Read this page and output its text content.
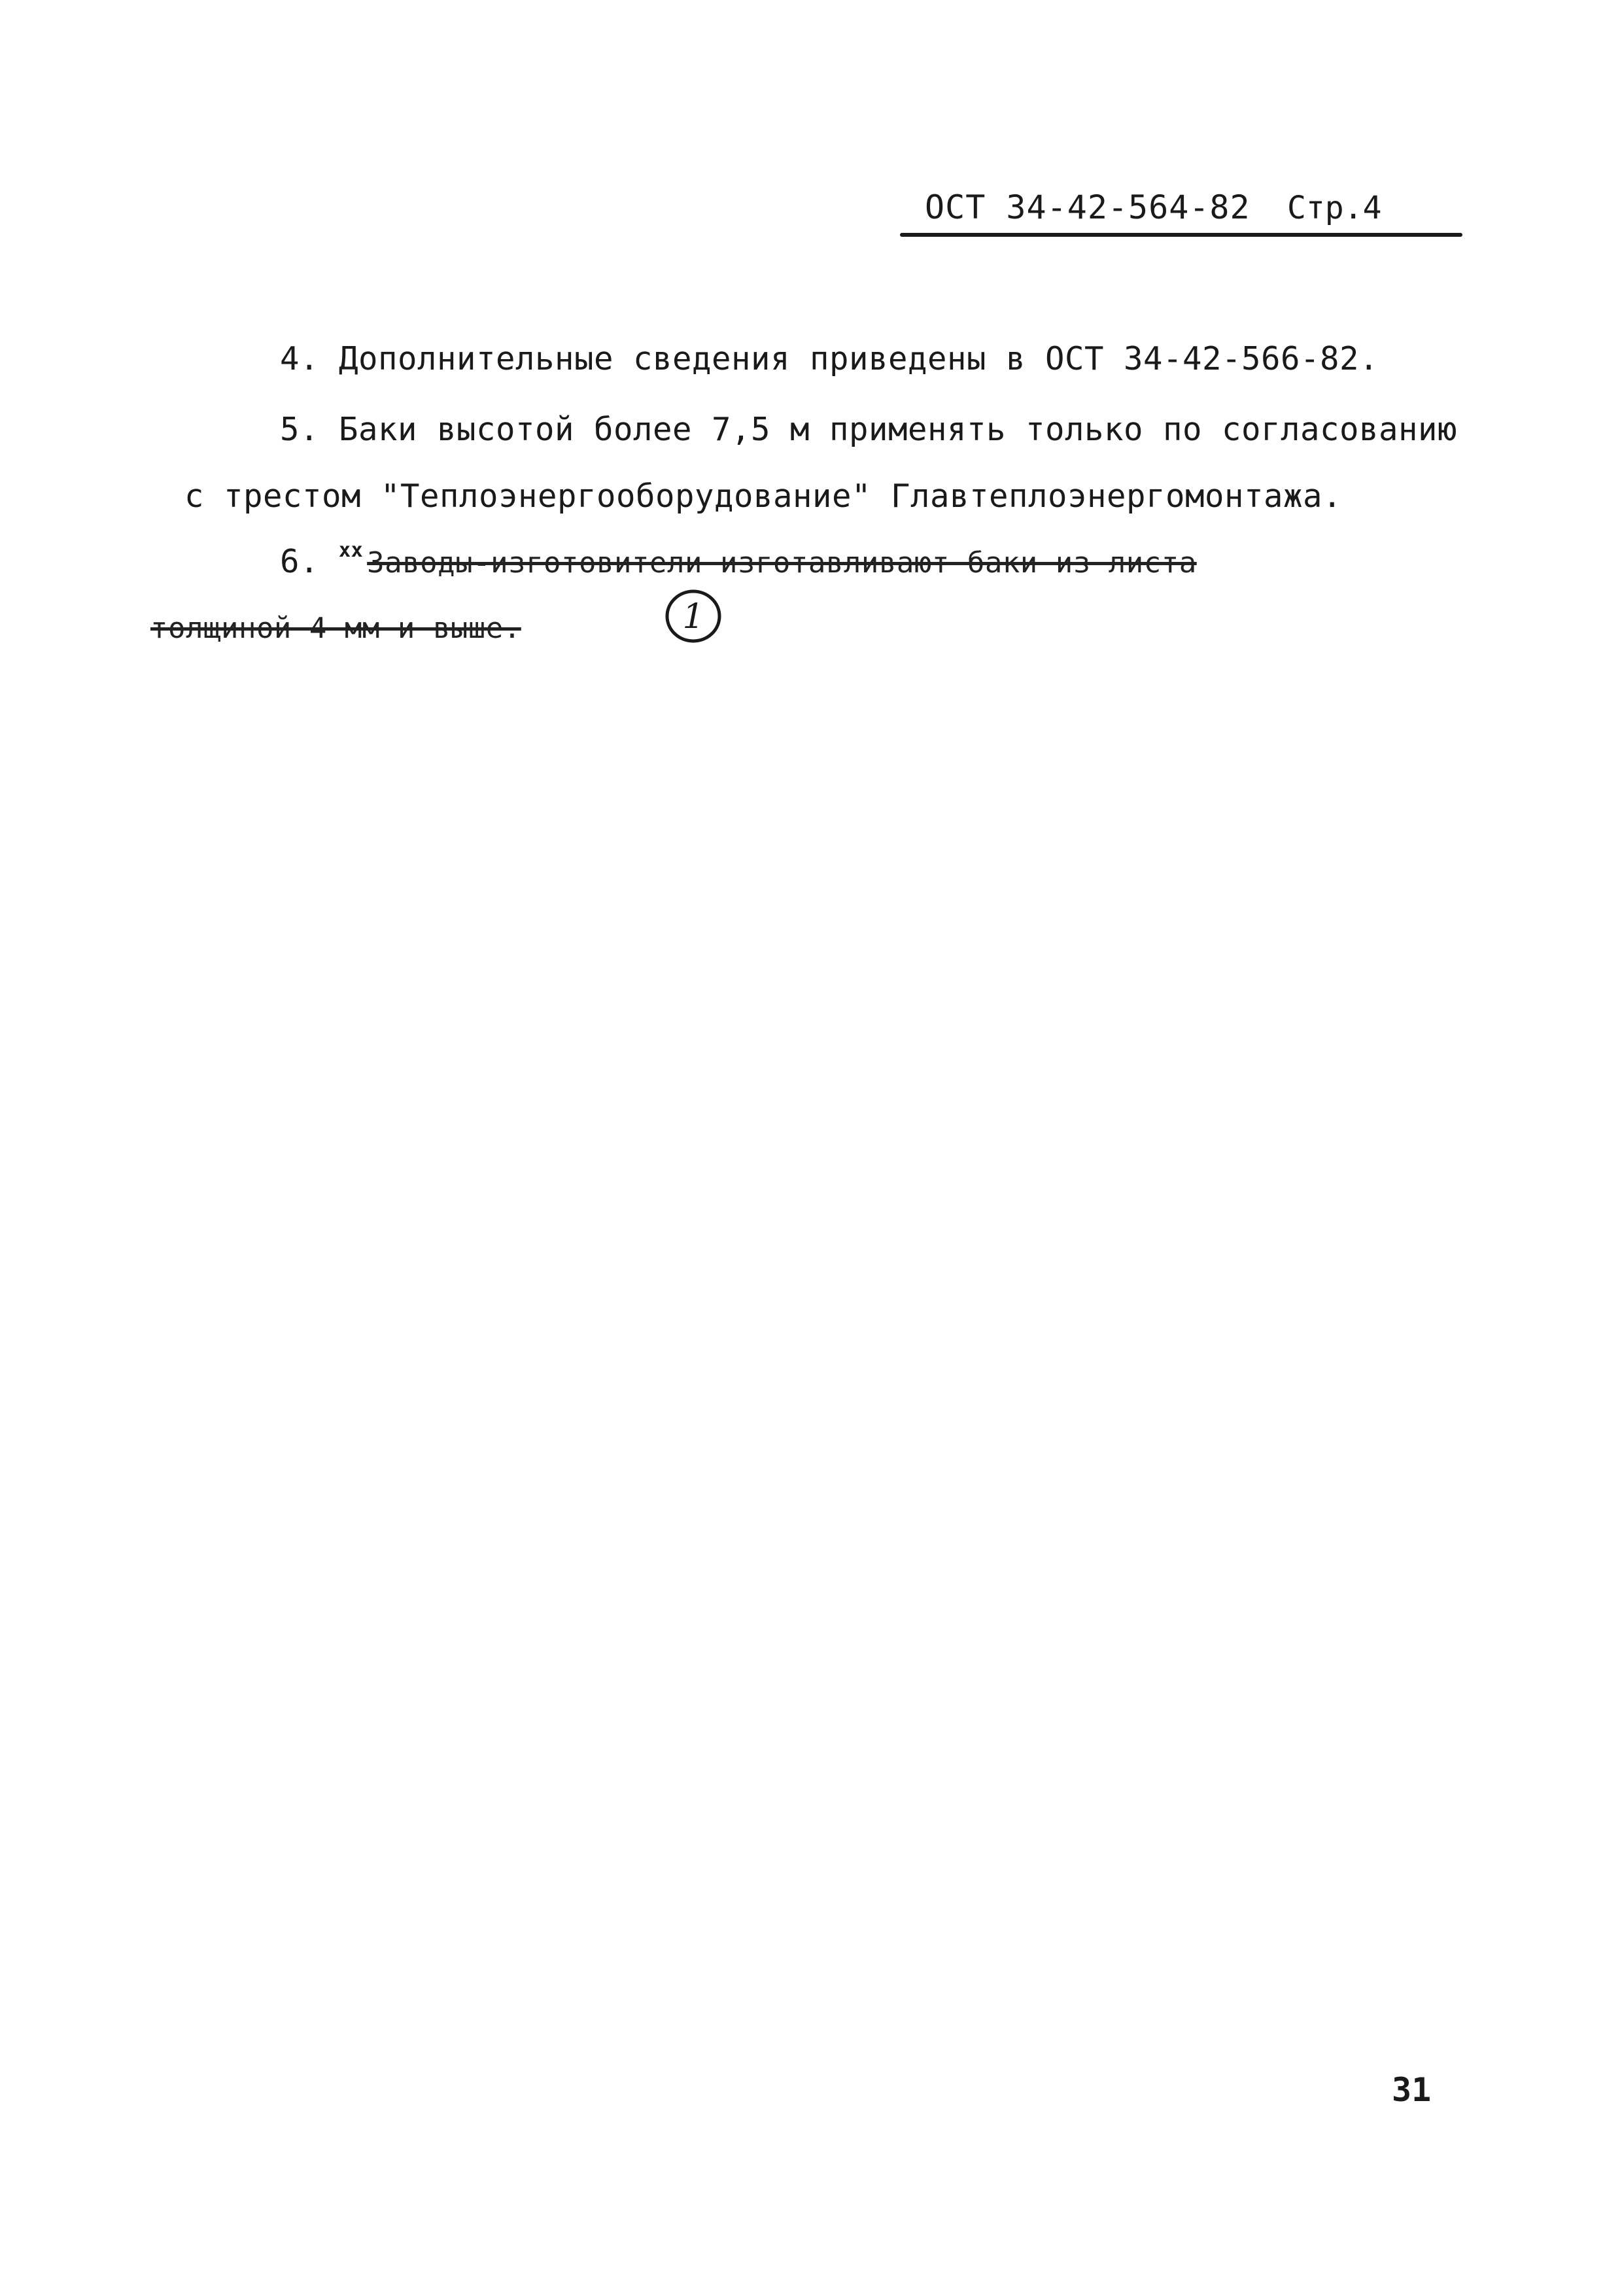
ОСТ 34-42-564-82 Стр.4
4. Дополнительные сведения приведены в ОСТ 34-42-566-82.
5. Баки высотой более 7,5 м применять только по согласованию
с трестом "Теплоэнергооборудование" Главтеплоэнергомонтажа.
6. $^{xx}$ Заводы-изготовители изготавливают баки из листа
толщиной 4 мм и выше.	1
31
